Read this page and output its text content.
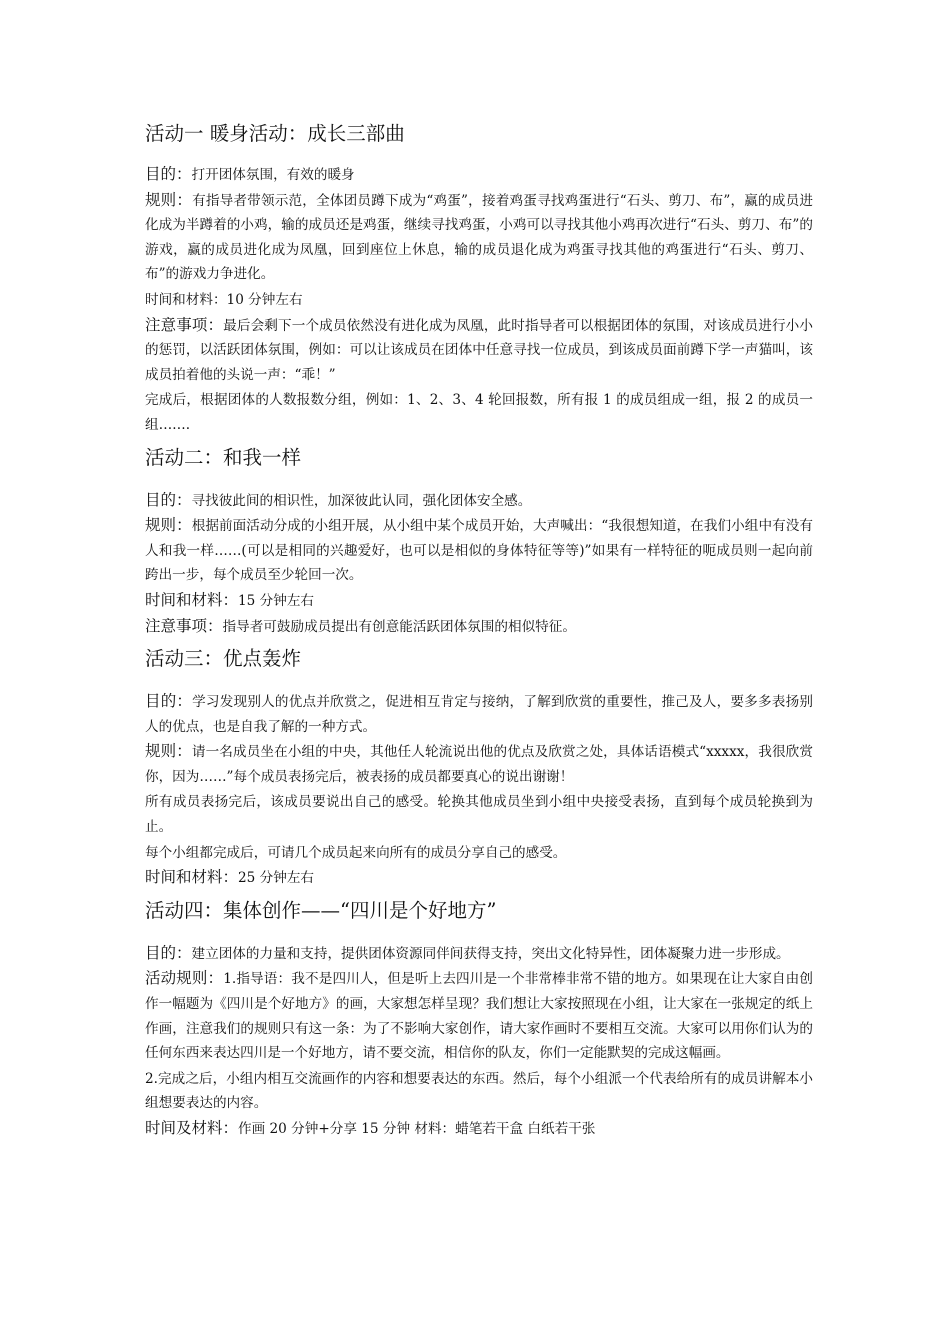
活动一 暖身活动：成长三部曲

目的：打开团体氛围，有效的暖身

规则：有指导者带领示范，全体团员蹲下成为“鸡蛋”，接着鸡蛋寻找鸡蛋进行“石头、剪刀、布”，赢的成员进化成为半蹲着的小鸡，输的成员还是鸡蛋，继续寻找鸡蛋，小鸡可以寻找其他小鸡再次进行“石头、剪刀、布”的游戏，赢的成员进化成为凤凰，回到座位上休息，输的成员退化成为鸡蛋寻找其他的鸡蛋进行“石头、剪刀、布”的游戏力争进化。

时间和材料：10 分钟左右

注意事项：最后会剩下一个成员依然没有进化成为凤凰，此时指导者可以根据团体的氛围，对该成员进行小小的惩罚，以活跃团体氛围，例如：可以让该成员在团体中任意寻找一位成员，到该成员面前蹲下学一声猫叫，该成员拍着他的头说一声：“乖！”

完成后，根据团体的人数报数分组，例如：1、2、3、4 轮回报数，所有报 1 的成员组成一组，报 2 的成员一组…….

活动二：和我一样

目的：寻找彼此间的相识性，加深彼此认同，强化团体安全感。

规则：根据前面活动分成的小组开展，从小组中某个成员开始，大声喊出：“我很想知道，在我们小组中有没有人和我一样……(可以是相同的兴趣爱好，也可以是相似的身体特征等等)”如果有一样特征的呃成员则一起向前跨出一步，每个成员至少轮回一次。

时间和材料：15 分钟左右

注意事项：指导者可鼓励成员提出有创意能活跃团体氛围的相似特征。

活动三：优点轰炸

目的：学习发现别人的优点并欣赏之，促进相互肯定与接纳，了解到欣赏的重要性，推己及人，要多多表扬别人的优点，也是自我了解的一种方式。

规则：请一名成员坐在小组的中央，其他任人轮流说出他的优点及欣赏之处，具体话语模式“xxxxx，我很欣赏你，因为……”每个成员表扬完后，被表扬的成员都要真心的说出谢谢！

所有成员表扬完后，该成员要说出自己的感受。轮换其他成员坐到小组中央接受表扬，直到每个成员轮换到为止。

每个小组都完成后，可请几个成员起来向所有的成员分享自己的感受。

时间和材料：25 分钟左右

活动四：集体创作——“四川是个好地方”

目的：建立团体的力量和支持，提供团体资源同伴间获得支持，突出文化特异性，团体凝聚力进一步形成。

活动规则：1.指导语：我不是四川人，但是听上去四川是一个非常棒非常不错的地方。如果现在让大家自由创作一幅题为《四川是个好地方》的画，大家想怎样呈现？我们想让大家按照现在小组，让大家在一张规定的纸上作画，注意我们的规则只有这一条：为了不影响大家创作，请大家作画时不要相互交流。大家可以用你们认为的任何东西来表达四川是一个好地方，请不要交流，相信你的队友，你们一定能默契的完成这幅画。

2.完成之后，小组内相互交流画作的内容和想要表达的东西。然后，每个小组派一个代表给所有的成员讲解本小组想要表达的内容。

时间及材料：作画 20 分钟+分享 15 分钟 材料：蜡笔若干盒 白纸若干张
